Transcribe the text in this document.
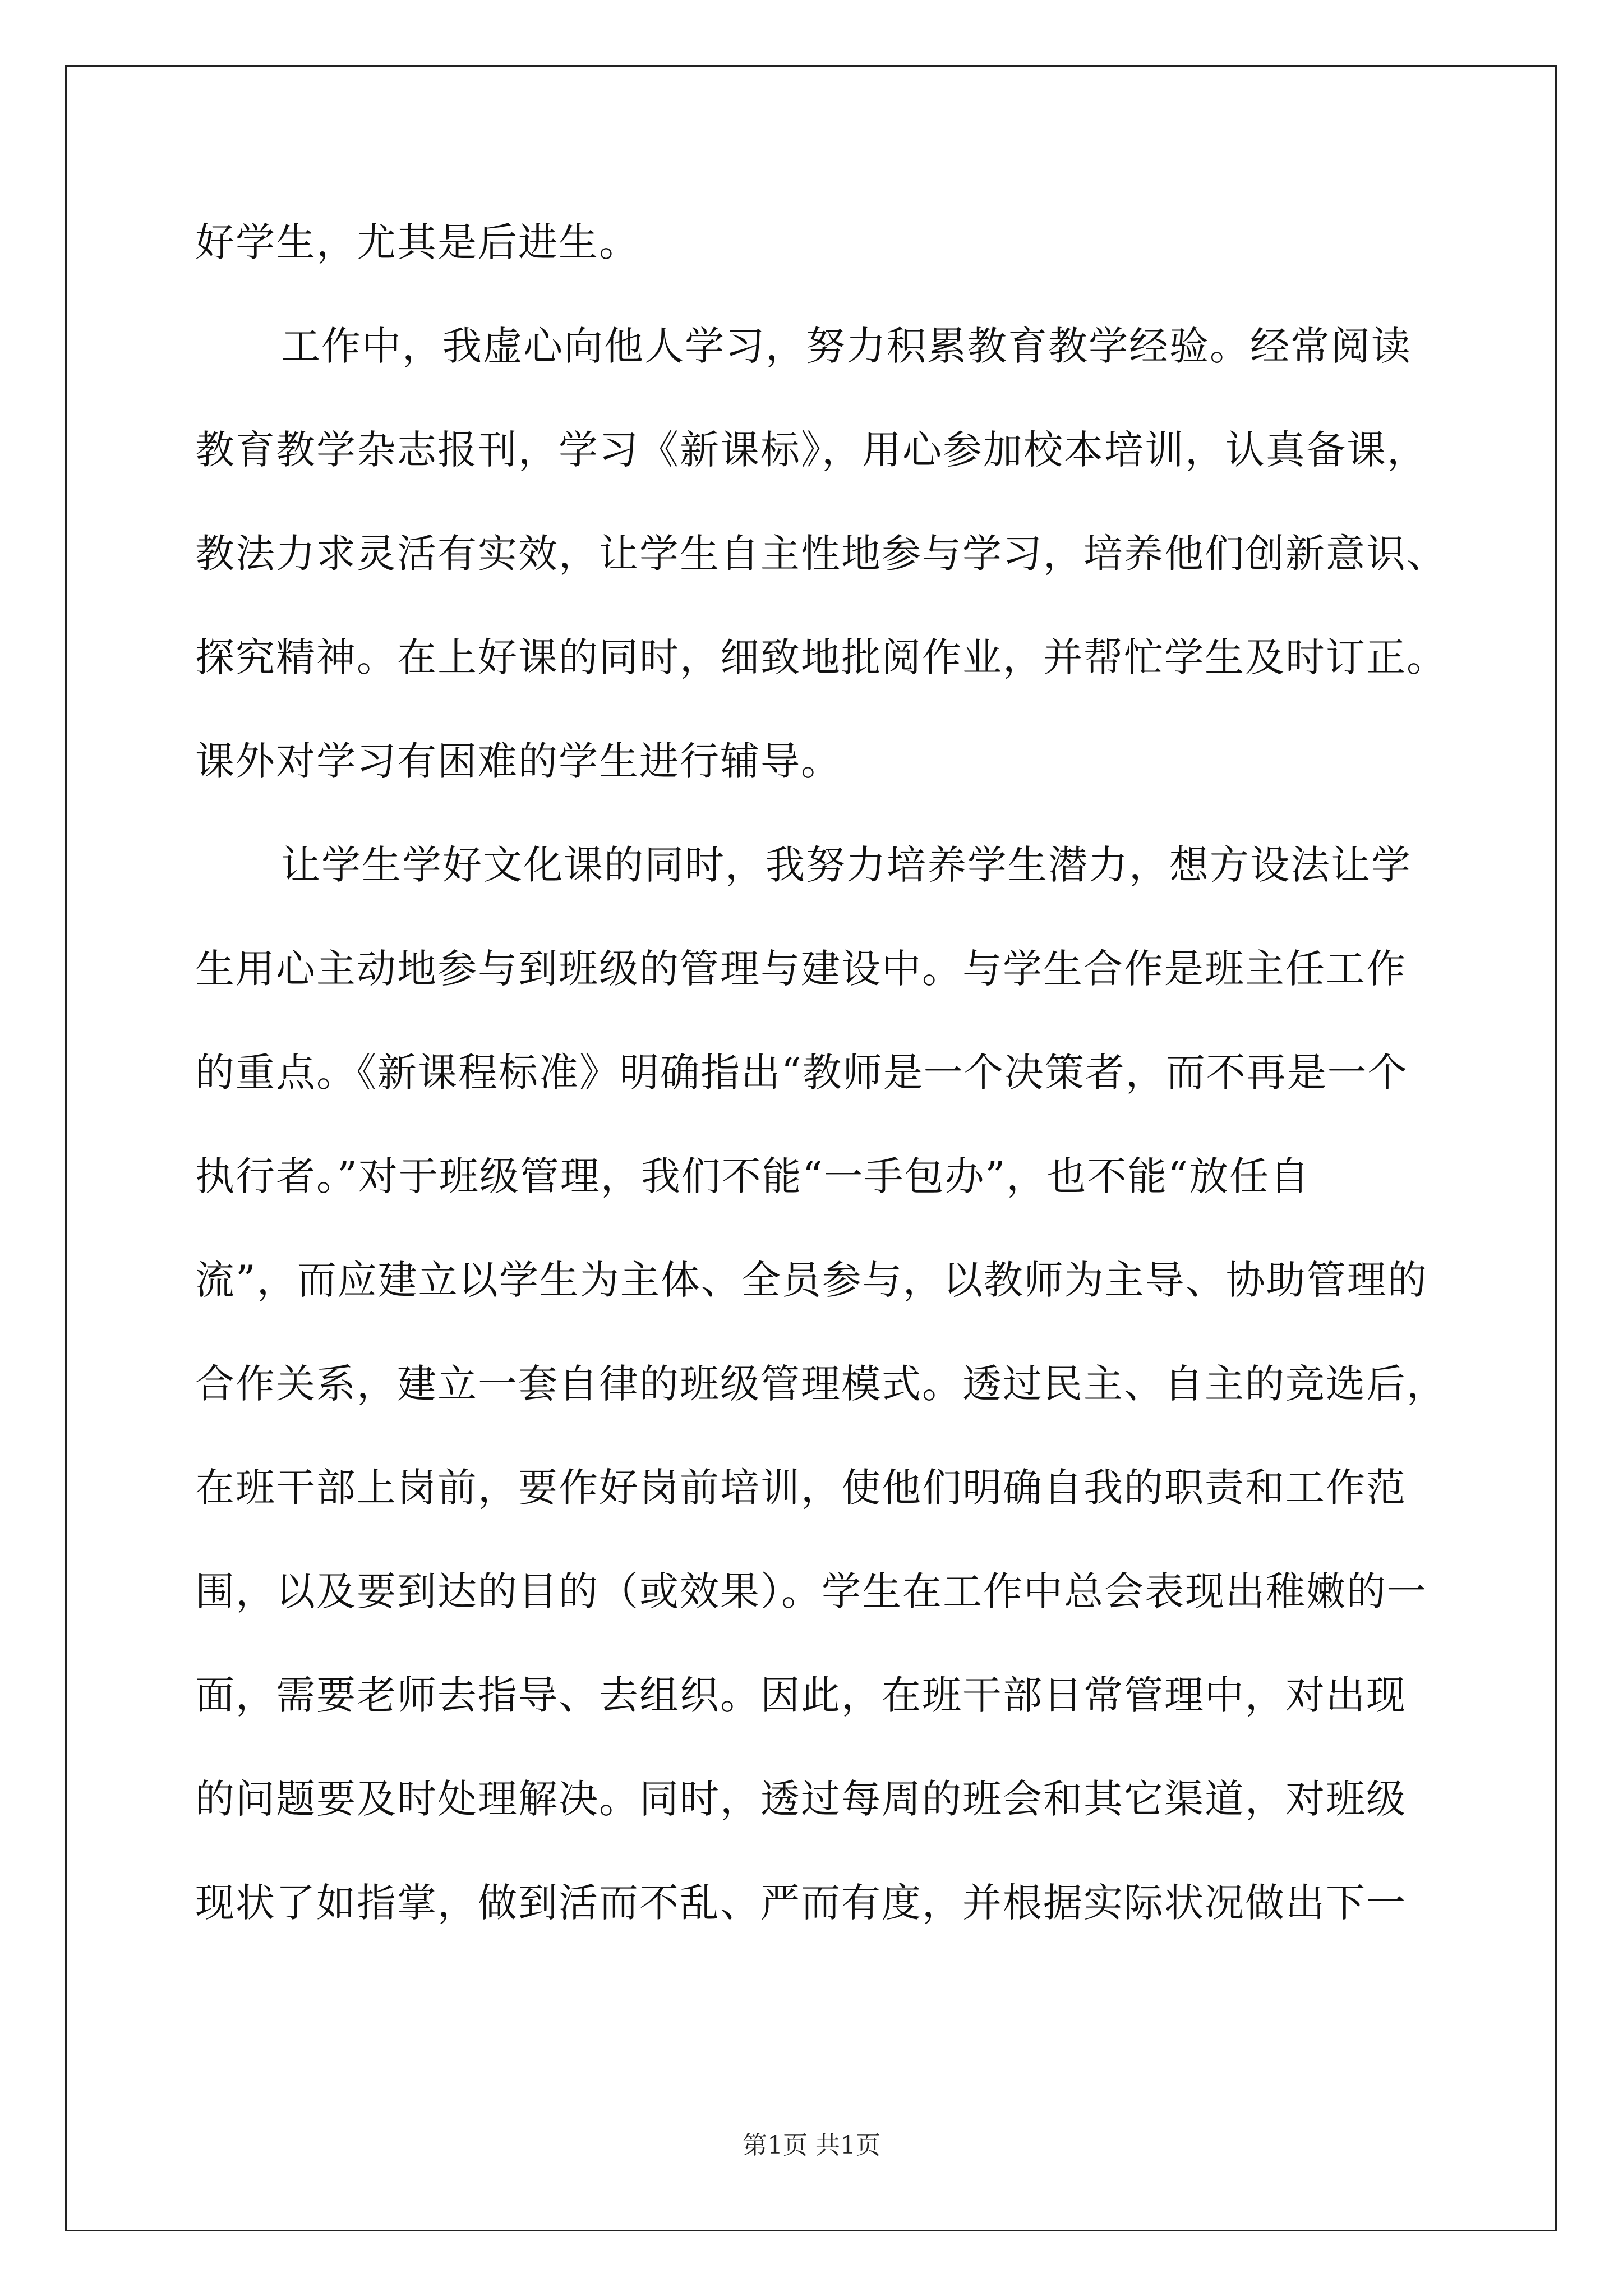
好学生，尤其是后进生。
工作中，我虚心向他人学习，努力积累教育教学经验。经常阅读
教育教学杂志报刊，学习《新课标》，用心参加校本培训，认真备课，
教法力求灵活有实效，让学生自主性地参与学习，培养他们创新意识、
探究精神。在上好课的同时，细致地批阅作业，并帮忙学生及时订正。
课外对学习有困难的学生进行辅导。
让学生学好文化课的同时，我努力培养学生潜力，想方设法让学
生用心主动地参与到班级的管理与建设中。与学生合作是班主任工作
的重点。《新课程标准》明确指出“教师是一个决策者，而不再是一个
执行者。”对于班级管理，我们不能“一手包办”，也不能“放任自
流”，而应建立以学生为主体、全员参与，以教师为主导、协助管理的
合作关系，建立一套自律的班级管理模式。透过民主、自主的竞选后，
在班干部上岗前，要作好岗前培训，使他们明确自我的职责和工作范
围，以及要到达的目的（或效果）。学生在工作中总会表现出稚嫩的一
面，需要老师去指导、去组织。因此，在班干部日常管理中，对出现
的问题要及时处理解决。同时，透过每周的班会和其它渠道，对班级
现状了如指掌，做到活而不乱、严而有度，并根据实际状况做出下一
第1页 共1页
